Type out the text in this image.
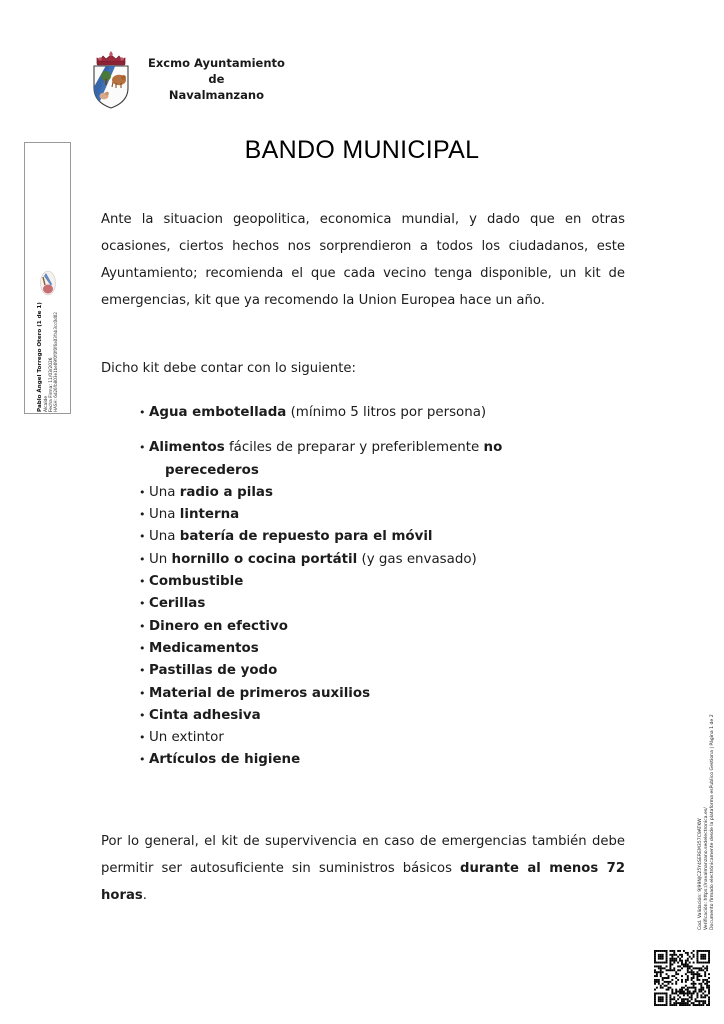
Excmo Ayuntamiento
de
Navalmanzano
BANDO MUNICIPAL
Ante la situacion geopolitica, economica mundial, y dado que en otras ocasiones, ciertos hechos nos sorprendieron a todos los ciudadanos, este Ayuntamiento; recomienda el que cada vecino tenga disponible, un kit de emergencias, kit que ya recomendo la Union Europea hace un año.
Dicho kit debe contar con lo siguiente:
• Agua embotellada (mínimo 5 litros por persona)
• Alimentos fáciles de preparar y preferiblemente no
perecederos
• Una radio a pilas
• Una linterna
• Una batería de repuesto para el móvil
• Un hornillo o cocina portátil (y gas envasado)
• Combustible
• Cerillas
• Dinero en efectivo
• Medicamentos
• Pastillas de yodo
• Material de primeros auxilios
• Cinta adhesiva
• Un extintor
• Artículos de higiene
Por lo general, el kit de supervivencia en caso de emergencias también debe permitir ser autosuficiente sin suministros básicos durante al menos 72 horas.
Pablo Ángel Torrego Otero (1 de 1) Alcalde Fecha Firma: 11/03/2026 HASH: 6d26fb803e1be09f0f0f0f6a03fab3cc0d02
Cod. Validación: 9J99NJC25Y4SEREM357C9ATKW Verificación: https://navalmanzano.sedelectronica.es/ Documento firmado electrónicamente desde la plataforma esPublico Gestiona | Página 1 de 2
